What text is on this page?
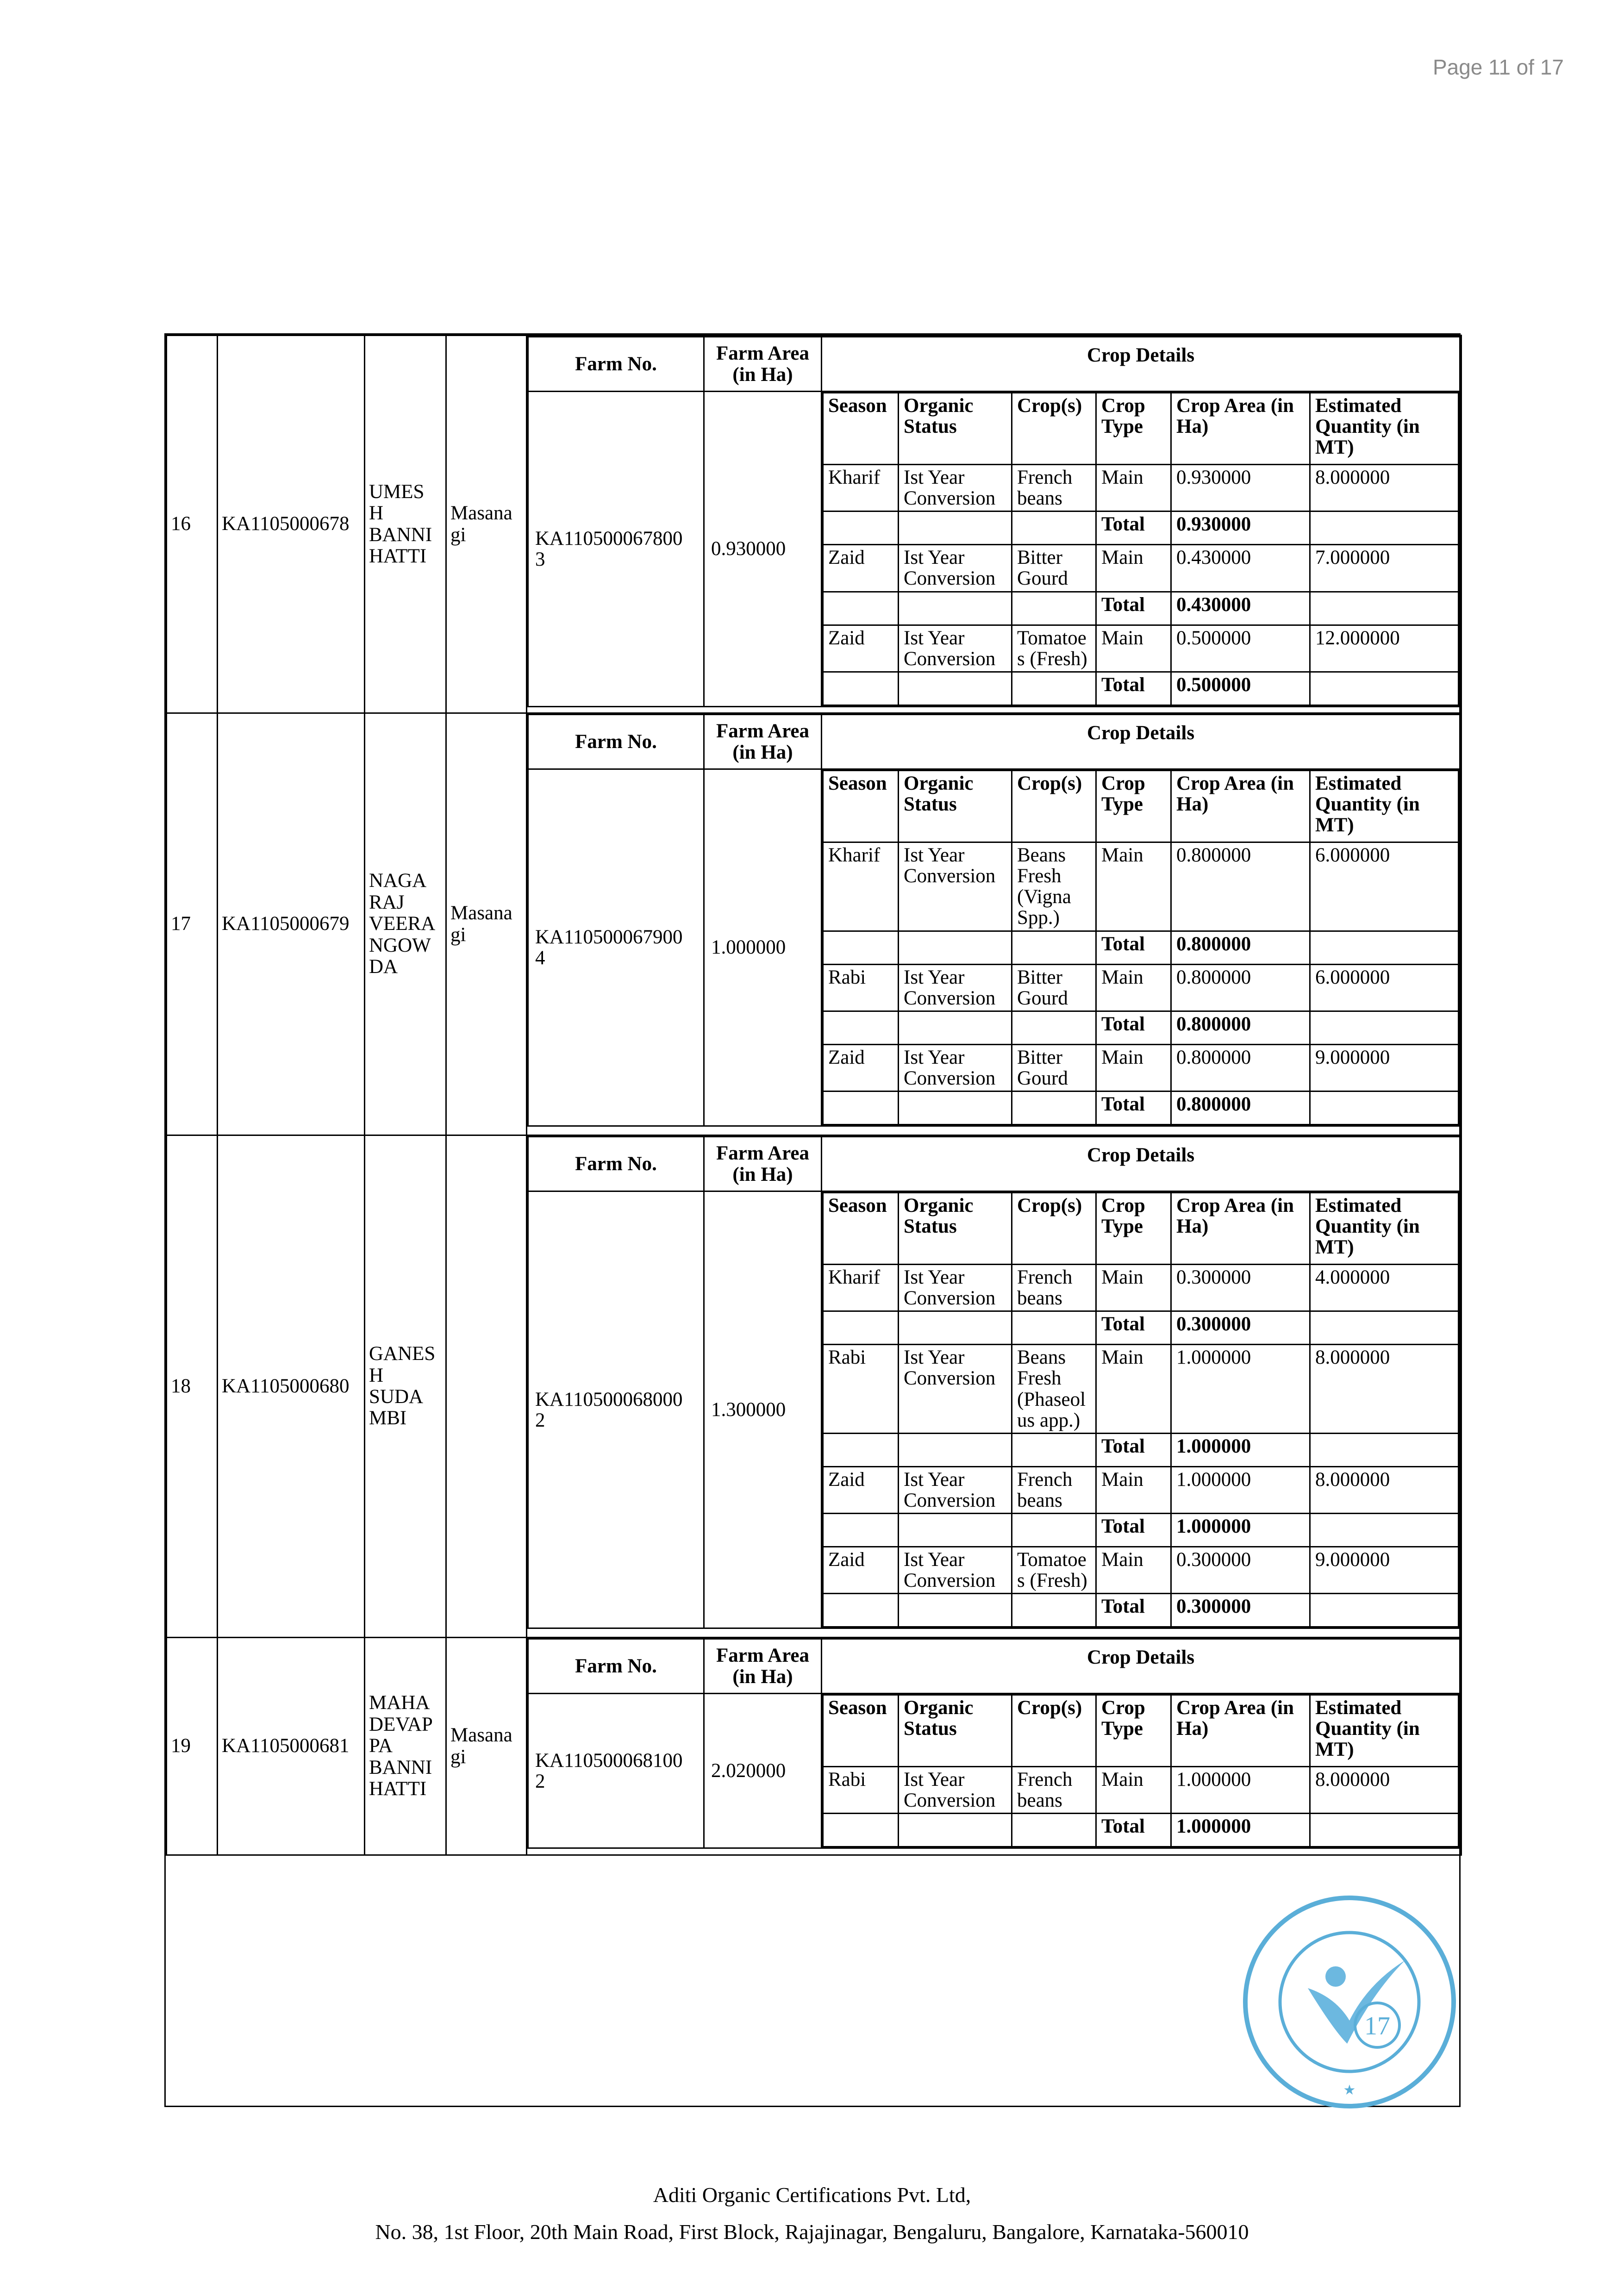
Page 11 of 17
16	KA1105000678	UMES H BANNI HATTI	Masana gi	
Farm No.	Farm Area (in Ha)	Crop Details
KA110500067800 3	0.930000	
Season	Organic Status	Crop(s)	Crop Type	Crop Area (in Ha)	Estimated Quantity (in MT)
Kharif	Ist Year Conversion	French beans	Main	0.930000	8.000000
			Total	0.930000	
Zaid	Ist Year Conversion	Bitter Gourd	Main	0.430000	7.000000
			Total	0.430000	
Zaid	Ist Year Conversion	Tomatoe s (Fresh)	Main	0.500000	12.000000
			Total	0.500000	

17	KA1105000679	NAGA RAJ VEERA NGOW DA	Masana gi	
Farm No.	Farm Area (in Ha)	Crop Details
KA110500067900 4	1.000000	
Season	Organic Status	Crop(s)	Crop Type	Crop Area (in Ha)	Estimated Quantity (in MT)
Kharif	Ist Year Conversion	Beans Fresh (Vigna Spp.)	Main	0.800000	6.000000
			Total	0.800000	
Rabi	Ist Year Conversion	Bitter Gourd	Main	0.800000	6.000000
			Total	0.800000	
Zaid	Ist Year Conversion	Bitter Gourd	Main	0.800000	9.000000
			Total	0.800000	

18	KA1105000680	GANES H SUDA MBI		
Farm No.	Farm Area (in Ha)	Crop Details
KA110500068000 2	1.300000	
Season	Organic Status	Crop(s)	Crop Type	Crop Area (in Ha)	Estimated Quantity (in MT)
Kharif	Ist Year Conversion	French beans	Main	0.300000	4.000000
			Total	0.300000	
Rabi	Ist Year Conversion	Beans Fresh (Phaseol us app.)	Main	1.000000	8.000000
			Total	1.000000	
Zaid	Ist Year Conversion	French beans	Main	1.000000	8.000000
			Total	1.000000	
Zaid	Ist Year Conversion	Tomatoe s (Fresh)	Main	0.300000	9.000000
			Total	0.300000	

19	KA1105000681	MAHA DEVAP PA BANNI HATTI	Masana gi	
Farm No.	Farm Area (in Ha)	Crop Details
KA110500068100 2	2.020000	
Season	Organic Status	Crop(s)	Crop Type	Crop Area (in Ha)	Estimated Quantity (in MT)
Rabi	Ist Year Conversion	French beans	Main	1.000000	8.000000
			Total	1.000000	
17
★
Aditi Organic Certifications Pvt. Ltd,
No. 38, 1st Floor, 20th Main Road, First Block, Rajajinagar, Bengaluru, Bangalore, Karnataka-560010
